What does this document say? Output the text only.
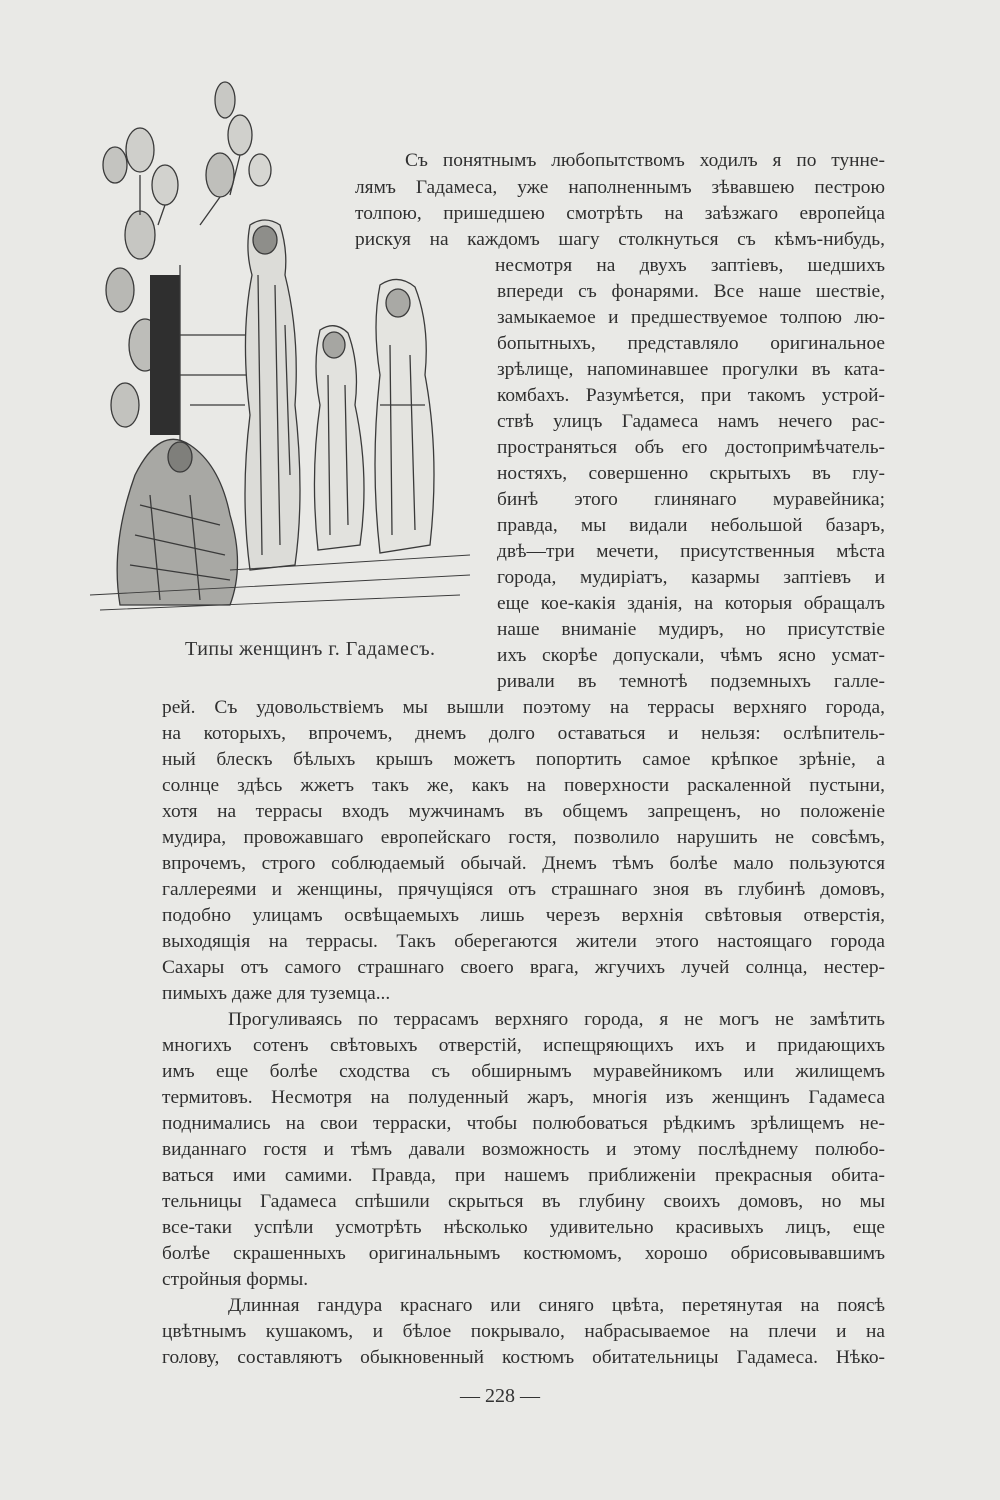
Типы женщинъ г. Гадамесъ.
Съ понятнымъ любопытствомъ ходилъ я по тунне-
лямъ Гадамеса, уже наполненнымъ зѣвавшею пестрою
толпою, пришедшею смотрѣть на заѣзжаго европейца
рискуя на каждомъ шагу столкнуться съ кѣмъ-нибудь,
несмотря на двухъ заптіевъ, шедшихъ
впереди съ фонарями. Все наше шествіе,
замыкаемое и предшествуемое толпою лю-
бопытныхъ, представляло оригинальное
зрѣлище, напоминавшее прогулки въ ката-
комбахъ. Разумѣется, при такомъ устрой-
ствѣ улицъ Гадамеса намъ нечего рас-
пространяться объ его достопримѣчатель-
ностяхъ, совершенно скрытыхъ въ глу-
бинѣ этого глинянаго муравейника;
правда, мы видали небольшой базаръ,
двѣ—три мечети, присутственныя мѣста
города, мудиріатъ, казармы заптіевъ и
еще кое-какія зданія, на которыя обращалъ
наше вниманіе мудиръ, но присутствіе
ихъ скорѣе допускали, чѣмъ ясно усмат-
ривали въ темнотѣ подземныхъ галле-
рей. Съ удовольствіемъ мы вышли поэтому на террасы верхняго города,
на которыхъ, впрочемъ, днемъ долго оставаться и нельзя: ослѣпитель-
ный блескъ бѣлыхъ крышъ можетъ попортить самое крѣпкое зрѣніе, а
солнце здѣсь жжетъ такъ же, какъ на поверхности раскаленной пустыни,
хотя на террасы входъ мужчинамъ въ общемъ запрещенъ, но положеніе
мудира, провожавшаго европейскаго гостя, позволило нарушить не совсѣмъ,
впрочемъ, строго соблюдаемый обычай. Днемъ тѣмъ болѣе мало пользуются
галлереями и женщины, прячущіяся отъ страшнаго зноя въ глубинѣ домовъ,
подобно улицамъ освѣщаемыхъ лишь черезъ верхнія свѣтовыя отверстія,
выходящія на террасы. Такъ оберегаются жители этого настоящаго города
Сахары отъ самого страшнаго своего врага, жгучихъ лучей солнца, нестер-
пимыхъ даже для туземца...
Прогуливаясь по террасамъ верхняго города, я не могъ не замѣтить
многихъ сотенъ свѣтовыхъ отверстій, испещряющихъ ихъ и придающихъ
имъ еще болѣе сходства съ обширнымъ муравейникомъ или жилищемъ
термитовъ. Несмотря на полуденный жаръ, многія изъ женщинъ Гадамеса
поднимались на свои терраски, чтобы полюбоваться рѣдкимъ зрѣлищемъ не-
виданнаго гостя и тѣмъ давали возможность и этому послѣднему полюбо-
ваться ими самими. Правда, при нашемъ приближеніи прекрасныя обита-
тельницы Гадамеса спѣшили скрыться въ глубину своихъ домовъ, но мы
все-таки успѣли усмотрѣть нѣсколько удивительно красивыхъ лицъ, еще
болѣе скрашенныхъ оригинальнымъ костюмомъ, хорошо обрисовывавшимъ
стройныя формы.
Длинная гандура краснаго или синяго цвѣта, перетянутая на поясѣ
цвѣтнымъ кушакомъ, и бѣлое покрывало, набрасываемое на плечи и на
голову, составляютъ обыкновенный костюмъ обитательницы Гадамеса. Нѣко-
— 228 —
